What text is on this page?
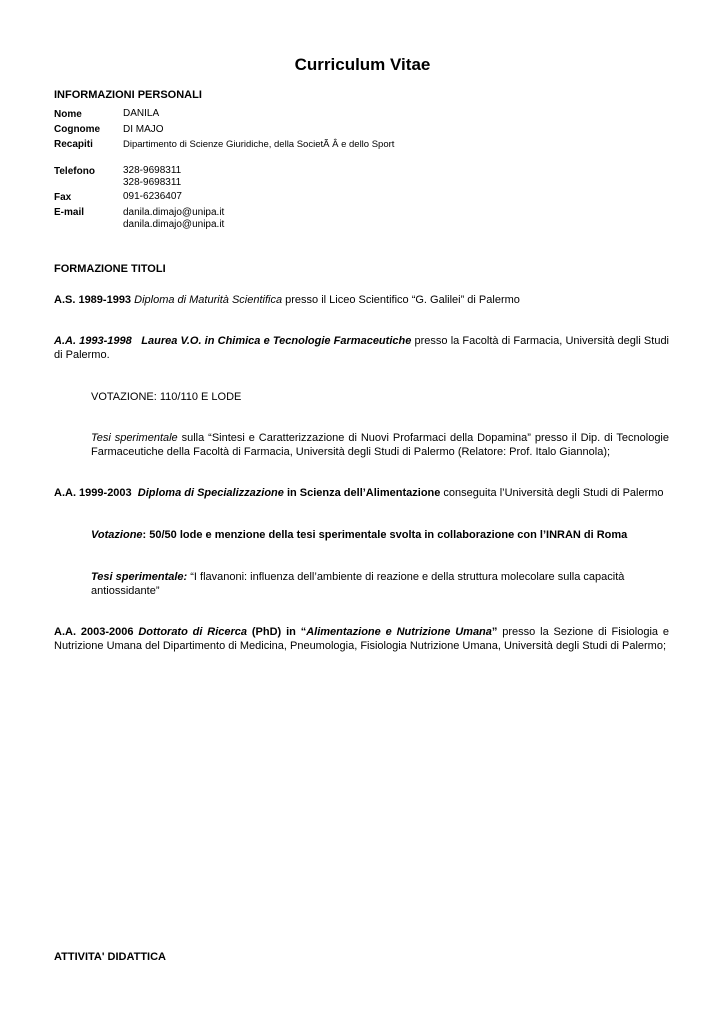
Curriculum Vitae
INFORMAZIONI PERSONALI
Nome	DANILA
Cognome DI MAJO
Recapiti	Dipartimento di Scienze Giuridiche, della SocietÃ Â e dello Sport
Telefono	328-9698311
328-9698311
Fax	091-6236407
E-mail	danila.dimajo@unipa.it
danila.dimajo@unipa.it
FORMAZIONE TITOLI
A.S. 1989-1993 Diploma di Maturità Scientifica presso il Liceo Scientifico “G. Galilei” di Palermo
A.A. 1993-1998 Laurea V.O. in Chimica e Tecnologie Farmaceutiche presso la Facoltà di Farmacia, Università degli Studi di Palermo.
VOTAZIONE: 110/110 E LODE
Tesi sperimentale sulla “Sintesi e Caratterizzazione di Nuovi Profarmaci della Dopamina” presso il Dip. di Tecnologie Farmaceutiche della Facoltà di Farmacia, Università degli Studi di Palermo (Relatore: Prof. Italo Giannola);
A.A. 1999-2003 Diploma di Specializzazione in Scienza dell’Alimentazione conseguita l’Università degli Studi di Palermo
Votazione: 50/50 lode e menzione della tesi sperimentale svolta in collaborazione con l’INRAN di Roma
Tesi sperimentale: “I flavanoni: influenza dell’ambiente di reazione e della struttura molecolare sulla capacità antiossidante”
A.A. 2003-2006 Dottorato di Ricerca (PhD) in “Alimentazione e Nutrizione Umana” presso la Sezione di Fisiologia e Nutrizione Umana del Dipartimento di Medicina, Pneumologia, Fisiologia Nutrizione Umana, Università degli Studi di Palermo;
ATTIVITA' DIDATTICA
